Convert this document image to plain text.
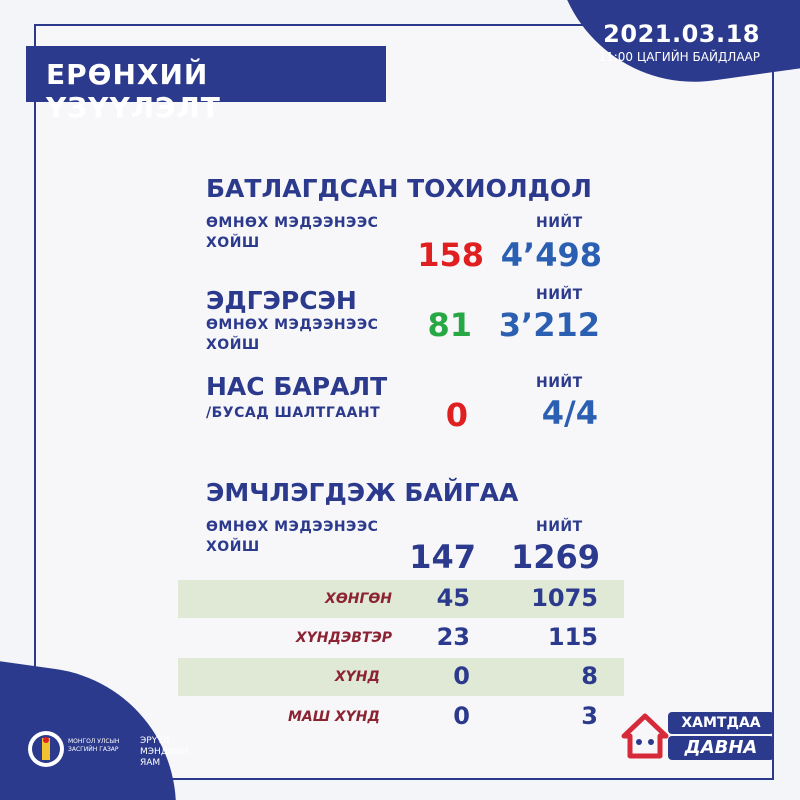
2021.03.18
11:00 ЦАГИЙН БАЙДЛААР
ЕРӨНХИЙ ҮЗҮҮЛЭЛТ
БАТЛАГДСАН ТОХИОЛДОЛ
ӨМНӨХ МЭДЭЭНЭЭС
ХОЙШ
НИЙТ
158 4’498
ЭДГЭРСЭН
ӨМНӨХ МЭДЭЭНЭЭС
ХОЙШ
НИЙТ
81 3’212
НАС БАРАЛТ
/БУСАД ШАЛТГААНТ
НИЙТ
0	4/4
ЭМЧЛЭГДЭЖ БАЙГАА
ӨМНӨХ МЭДЭЭНЭЭС
ХОЙШ
НИЙТ
147	1269
ХӨНГӨН	45	1075
ХҮНДЭВТЭР	23	115
ХҮНД	0	8
МАШ ХҮНД	0	3
МОНГОЛ УЛСЫН
ЗАСГИЙН ГАЗАР
ЭРҮҮЛ
МЭНДИЙН ЯАМ
ХАМТДАА
ДАВНА
